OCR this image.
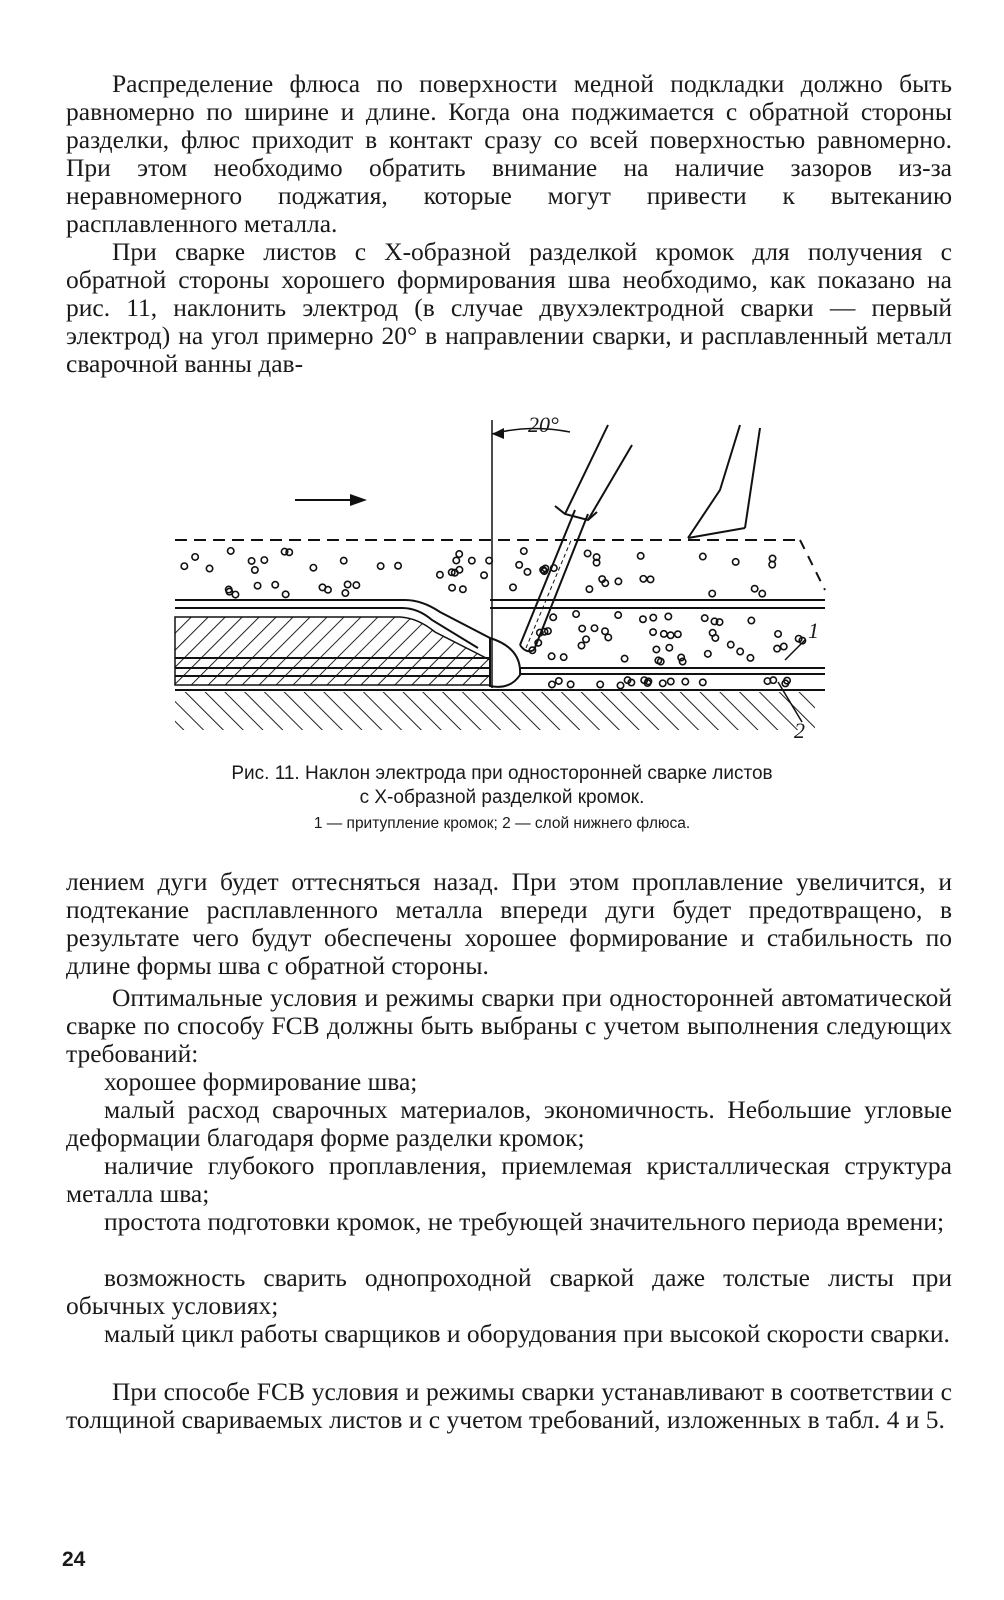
Распределение флюса по поверхности медной подкладки должно быть равномерно по ширине и длине. Когда она поджимается с обратной стороны разделки, флюс приходит в контакт сразу со всей поверхностью равномерно. При этом необходимо обратить внимание на наличие зазоров из-за неравномерного поджатия, которые могут привести к вытеканию расплавленного металла.

При сварке листов с Х-образной разделкой кромок для получения с обратной стороны хорошего формирования шва необходимо, как показано на рис. 11, наклонить электрод (в случае двухэлектродной сварки — первый электрод) на угол примерно 20° в направлении сварки, и расплавленный металл сварочной ванны дав-

20°
1
2

Рис. 11. Наклон электрода при односторонней сварке листов

с Х-образной разделкой кромок.

1 — притупление кромок; 2 — слой нижнего флюса.

лением дуги будет оттесняться назад. При этом проплавление увеличится, и подтекание расплавленного металла впереди дуги будет предотвращено, в результате чего будут обеспечены хорошее формирование и стабильность по длине формы шва с обратной стороны.

Оптимальные условия и режимы сварки при односторонней автоматической сварке по способу FCB должны быть выбраны с учетом выполнения следующих требований:

хорошее формирование шва;

малый расход сварочных материалов, экономичность. Небольшие угловые деформации благодаря форме разделки кромок;

наличие глубокого проплавления, приемлемая кристаллическая структура металла шва;

простота подготовки кромок, не требующей значительного периода времени;

возможность сварить однопроходной сваркой даже толстые листы при обычных условиях;

малый цикл работы сварщиков и оборудования при высокой скорости сварки.

При способе FCB условия и режимы сварки устанавливают в соответствии с толщиной свариваемых листов и с учетом требований, изложенных в табл. 4 и 5.

24
